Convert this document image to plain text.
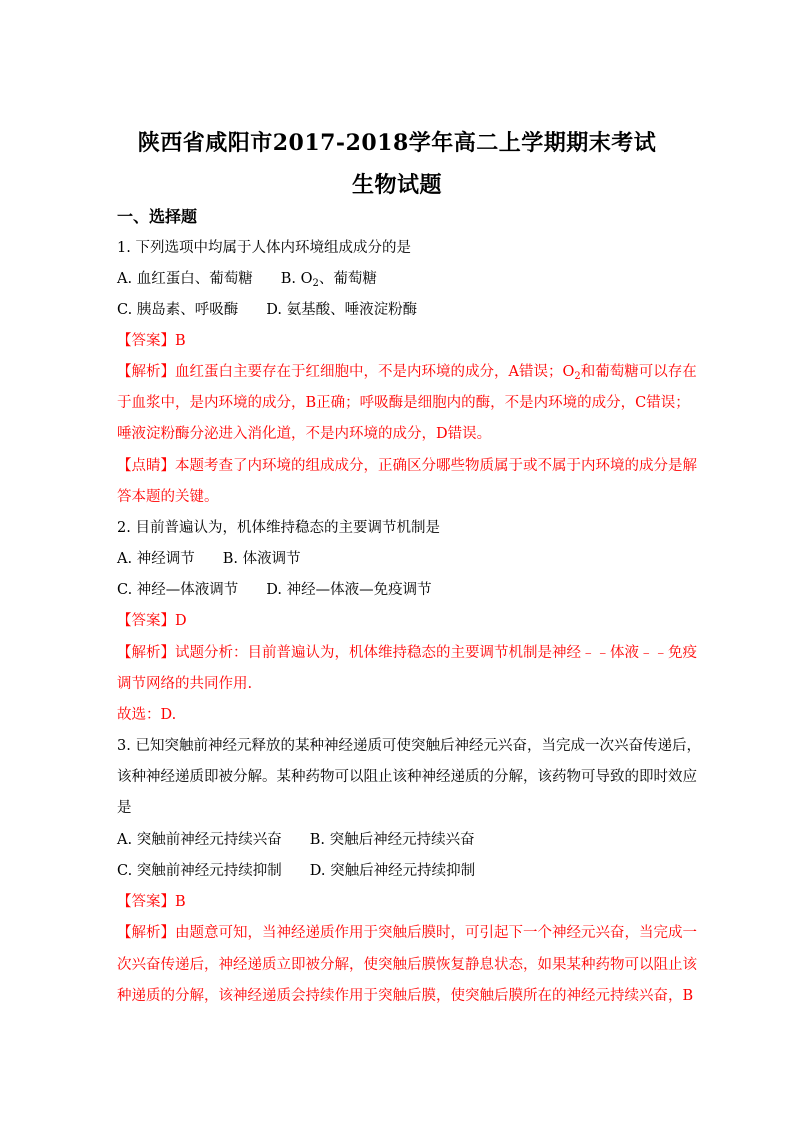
陕西省咸阳市2017-2018学年高二上学期期末考试
生物试题
一、选择题
1. 下列选项中均属于人体内环境组成成分的是
A. 血红蛋白、葡萄糖 B. $O_2$、葡萄糖
C. 胰岛素、呼吸酶 D. 氨基酸、唾液淀粉酶
【答案】B
【解析】血红蛋白主要存在于红细胞中，不是内环境的成分，A错误；$O_2$和葡萄糖可以存在
于血浆中，是内环境的成分，B正确；呼吸酶是细胞内的酶，不是内环境的成分，C错误；
唾液淀粉酶分泌进入消化道，不是内环境的成分，D错误。
【点睛】本题考查了内环境的组成成分，正确区分哪些物质属于或不属于内环境的成分是解
答本题的关键。
2. 目前普遍认为，机体维持稳态的主要调节机制是
A. 神经调节 B. 体液调节
C. 神经—体液调节 D. 神经—体液—免疫调节
【答案】D
【解析】试题分析：目前普遍认为，机体维持稳态的主要调节机制是神经﹣﹣体液﹣﹣免疫
调节网络的共同作用.
故选：D.
3. 已知突触前神经元释放的某种神经递质可使突触后神经元兴奋，当完成一次兴奋传递后，
该种神经递质即被分解。某种药物可以阻止该种神经递质的分解，该药物可导致的即时效应
是
A. 突触前神经元持续兴奋 B. 突触后神经元持续兴奋
C. 突触前神经元持续抑制 D. 突触后神经元持续抑制
【答案】B
【解析】由题意可知，当神经递质作用于突触后膜时，可引起下一个神经元兴奋，当完成一
次兴奋传递后，神经递质立即被分解，使突触后膜恢复静息状态，如果某种药物可以阻止该
种递质的分解，该神经递质会持续作用于突触后膜，使突触后膜所在的神经元持续兴奋，B
